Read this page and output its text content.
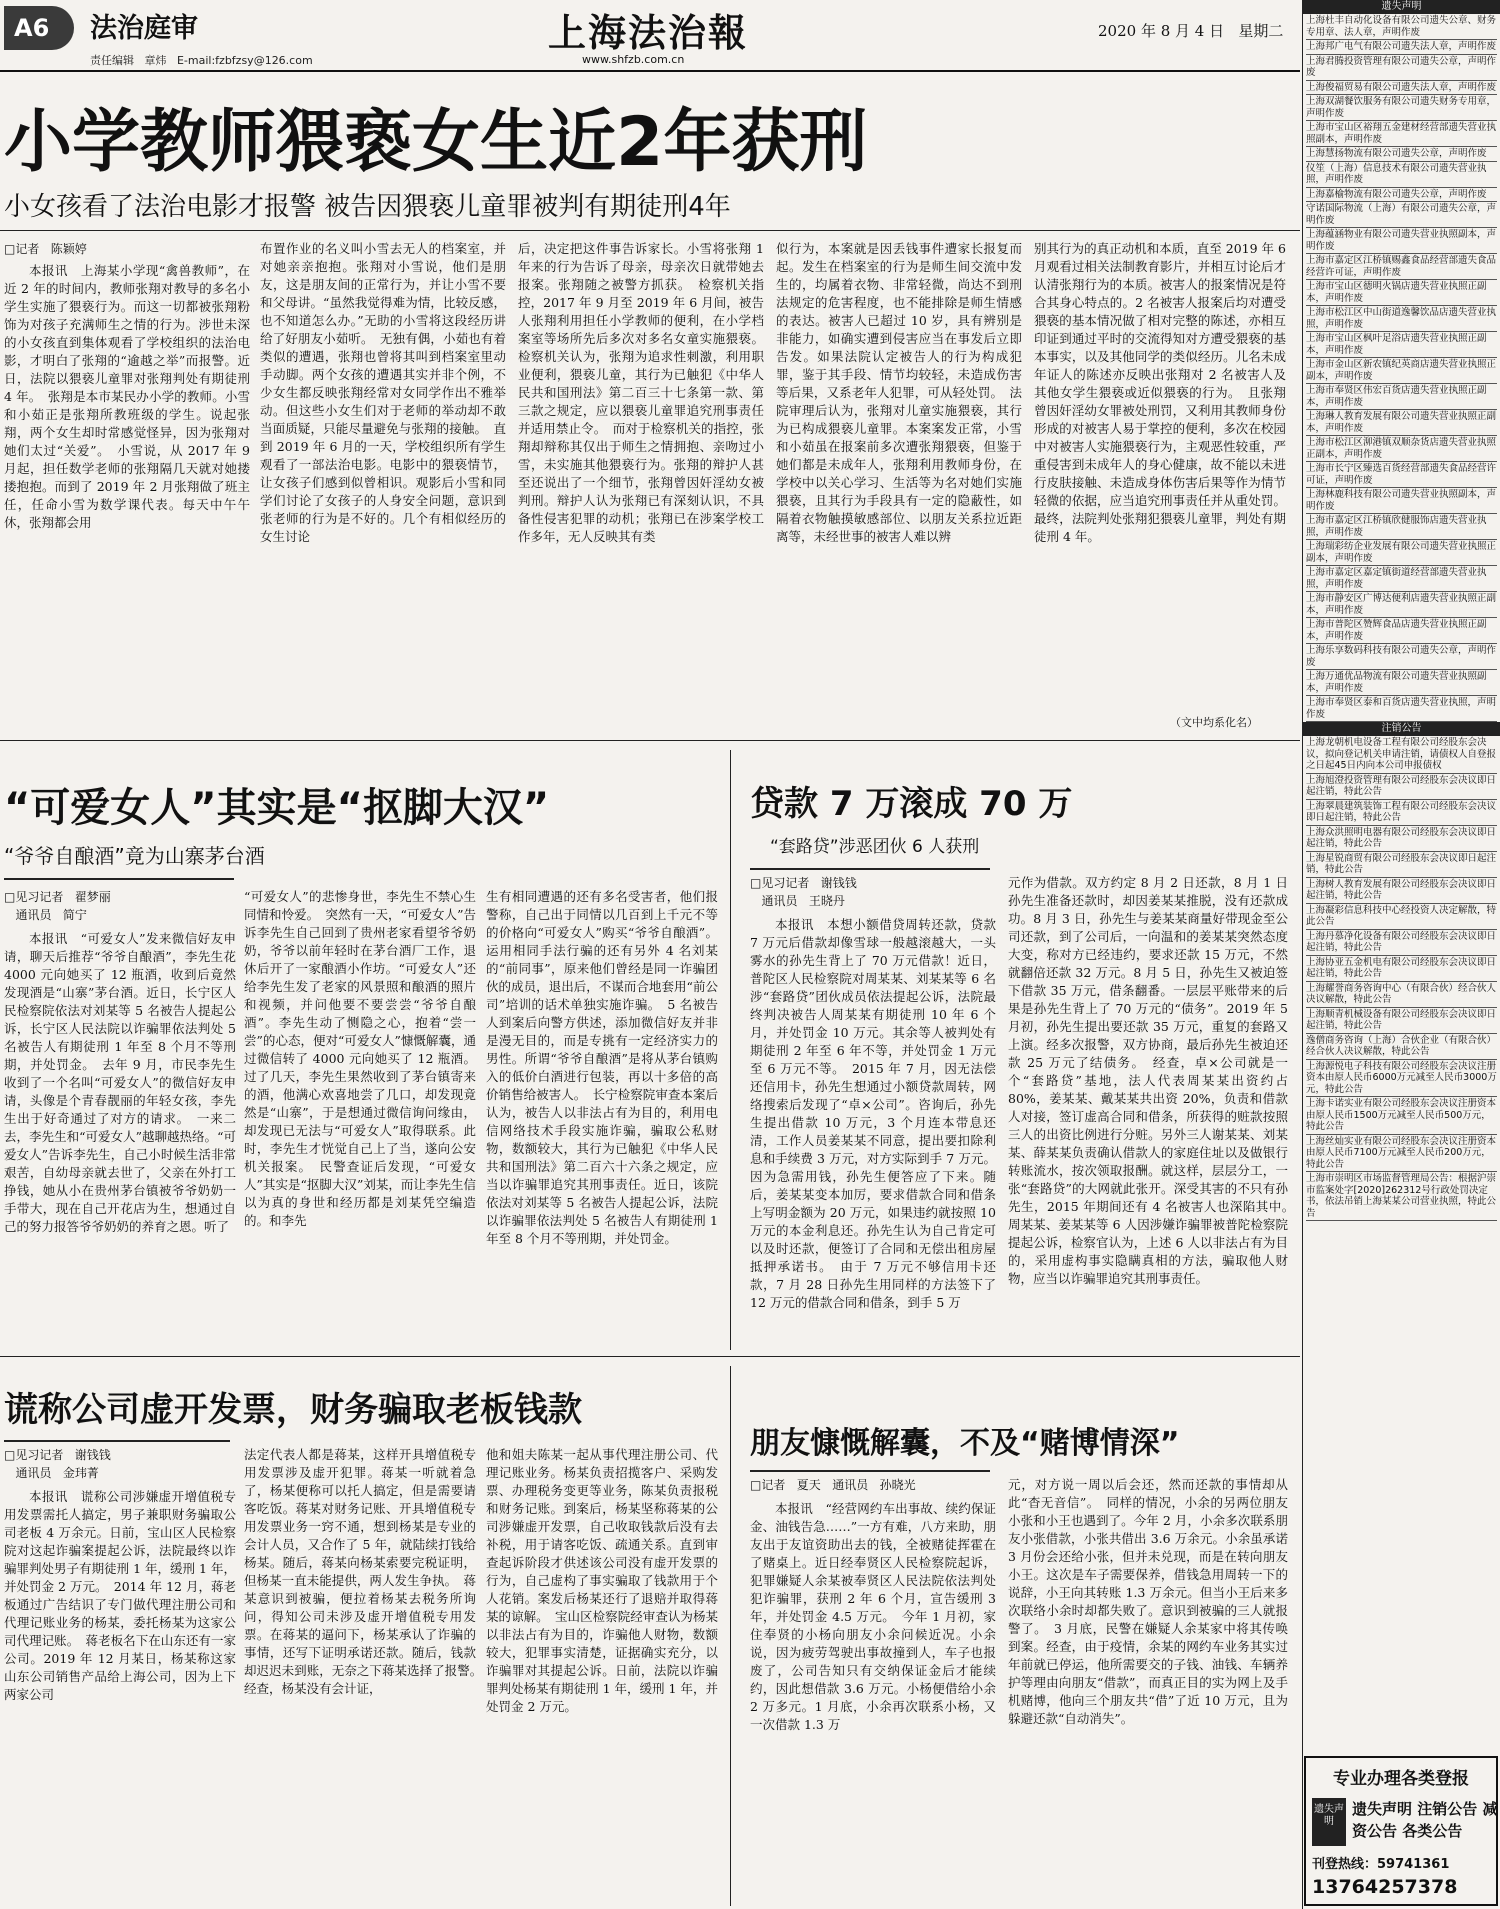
A6	法治庭审
责任编辑   章炜   E-mail:fzbfzsy@126.com
上海法治報
www.shfzb.com.cn
2020 年 8 月 4 日   星期二
小学教师猥亵女生近2年获刑
小女孩看了法治电影才报警 被告因猥亵儿童罪被判有期徒刑4年
□记者   陈颖婷

本报讯　上海某小学现“禽兽教师”，在近 2 年的时间内，教师张翔对教导的多名小学生实施了猥亵行为。而这一切都被张翔粉饰为对孩子充满师生之情的行为。涉世未深的小女孩直到集体观看了学校组织的法治电影，才明白了张翔的“逾越之举”而报警。近日，法院以猥亵儿童罪对张翔判处有期徒刑 4 年。　张翔是本市某民办小学的教师。小雪和小茹正是张翔所教班级的学生。说起张翔，两个女生却时常感觉怪异，因为张翔对她们太过“关爱”。　小雪说，从 2017 年 9 月起，担任数学老师的张翔隔几天就对她搂搂抱抱。而到了 2019 年 2 月张翔做了班主任，任命小雪为数学课代表。每天中午午休，张翔都会用

布置作业的名义叫小雪去无人的档案室，并对她亲亲抱抱。张翔对小雪说，他们是朋友，这是朋友间的正常行为，并让小雪不要和父母讲。“虽然我觉得难为情，比较反感，也不知道怎么办。”无助的小雪将这段经历讲给了好朋友小茹听。　无独有偶，小茹也有着类似的遭遇，张翔也曾将其叫到档案室里动手动脚。两个女孩的遭遇其实并非个例，不少女生都反映张翔经常对女同学作出不雅举动。但这些小女生们对于老师的举动却不敢当面质疑，只能尽量避免与张翔的接触。　直到 2019 年 6 月的一天，学校组织所有学生观看了一部法治电影。电影中的猥亵情节，让女孩子们感到似曾相识。观影后小雪和同学们讨论了女孩子的人身安全问题，意识到张老师的行为是不好的。几个有相似经历的女生讨论

后，决定把这件事告诉家长。小雪将张翔 1 年来的行为告诉了母亲，母亲次日就带她去报案。张翔随之被警方抓获。　检察机关指控，2017 年 9 月至 2019 年 6 月间，被告人张翔利用担任小学教师的便利，在小学档案室等场所先后多次对多名女童实施猥亵。检察机关认为，张翔为追求性刺激，利用职业便利，猥亵儿童，其行为已触犯《中华人民共和国刑法》第二百三十七条第一款、第三款之规定，应以猥亵儿童罪追究刑事责任并适用禁止令。　而对于检察机关的指控，张翔却辩称其仅出于师生之情拥抱、亲吻过小雪，未实施其他猥亵行为。张翔的辩护人甚至还说出了一个细节，张翔曾因奸淫幼女被判刑。辩护人认为张翔已有深刻认识，不具备性侵害犯罪的动机；张翔已在涉案学校工作多年，无人反映其有类

似行为，本案就是因丢钱事件遭家长报复而起。发生在档案室的行为是师生间交流中发生的，均属着衣物、非常轻微，尚达不到刑法规定的危害程度，也不能排除是师生情感的表达。被害人已超过 10 岁，具有辨别是非能力，如确实遭到侵害应当在事发后立即告发。如果法院认定被告人的行为构成犯罪，鉴于其手段、情节均较轻，未造成伤害等后果，又系老年人犯罪，可从轻处罚。　法院审理后认为，张翔对儿童实施猥亵，其行为已构成猥亵儿童罪。本案案发正常，小雪和小茹虽在报案前多次遭张翔猥亵，但鉴于她们都是未成年人，张翔利用教师身份，在学校中以关心学习、生活等为名对她们实施猥亵，且其行为手段具有一定的隐蔽性，如隔着衣物触摸敏感部位、以朋友关系拉近距离等，未经世事的被害人难以辨

别其行为的真正动机和本质，直至 2019 年 6 月观看过相关法制教育影片，并相互讨论后才认清张翔行为的本质。被害人的报案情况是符合其身心特点的。2 名被害人报案后均对遭受猥亵的基本情况做了相对完整的陈述，亦相互印证到通过平时的交流得知对方遭受猥亵的基本事实，以及其他同学的类似经历。儿名未成年证人的陈述亦反映出张翔对 2 名被害人及其他女学生猥亵或近似猥亵的行为。　且张翔曾因奸淫幼女罪被处刑罚，又利用其教师身份形成的对被害人易于掌控的便利，多次在校园中对被害人实施猥亵行为，主观恶性较重，严重侵害到未成年人的身心健康，故不能以未进行皮肤接触、未造成身体伤害后果等作为情节轻微的依据，应当追究刑事责任并从重处罚。最终，法院判处张翔犯猥亵儿童罪，判处有期徒刑 4 年。

（文中均系化名）
“可爱女人”其实是“抠脚大汉”
“爷爷自酿酒”竟为山寨茅台酒
□见习记者   翟梦丽
通讯员   简宁

本报讯　“可爱女人”发来微信好友申请，聊天后推荐“爷爷自酿酒”，李先生花 4000 元向她买了 12 瓶酒，收到后竟然发现酒是“山寨”茅台酒。近日，长宁区人民检察院依法对刘某等 5 名被告人提起公诉，长宁区人民法院以诈骗罪依法判处 5 名被告人有期徒刑 1 年至 8 个月不等刑期，并处罚金。　去年 9 月，市民李先生收到了一个名叫“可爱女人”的微信好友申请，头像是个青春靓丽的年轻女孩，李先生出于好奇通过了对方的请求。　一来二去，李先生和“可爱女人”越聊越热络。“可爱女人”告诉李先生，自己小时候生活非常艰苦，自幼母亲就去世了，父亲在外打工挣钱，她从小在贵州茅台镇被爷爷奶奶一手带大，现在自己开花店为生，想通过自己的努力报答爷爷奶奶的养育之恩。听了

“可爱女人”的悲惨身世，李先生不禁心生同情和怜爱。　突然有一天，“可爱女人”告诉李先生自己回到了贵州老家看望爷爷奶奶，爷爷以前年轻时在茅台酒厂工作，退休后开了一家酿酒小作坊。“可爱女人”还给李先生发了老家的风景照和酿酒的照片和视频，并问他要不要尝尝“爷爷自酿酒”。李先生动了恻隐之心，抱着“尝一尝”的心态，便对“可爱女人”慷慨解囊，通过微信转了 4000 元向她买了 12 瓶酒。过了几天，李先生果然收到了茅台镇寄来的酒，他满心欢喜地尝了几口，却发现竟然是“山寨”，于是想通过微信询问缘由，却发现已无法与“可爱女人”取得联系。此时，李先生才恍觉自己上了当，遂向公安机关报案。　民警查证后发现，“可爱女人”其实是“抠脚大汉”刘某，而让李先生信以为真的身世和经历都是刘某凭空编造的。和李先

生有相同遭遇的还有多名受害者，他们报警称，自己出于同情以几百到上千元不等的价格向“可爱女人”购买“爷爷自酿酒”。运用相同手法行骗的还有另外 4 名刘某的“前同事”，原来他们曾经是同一诈骗团伙的成员，退出后，不谋而合地套用“前公司”培训的话术单独实施诈骗。　5 名被告人到案后向警方供述，添加微信好友并非是漫无目的，而是专挑有一定经济实力的男性。所谓“爷爷自酿酒”是将从茅台镇购入的低价白酒进行包装，再以十多倍的高价销售给被害人。　长宁检察院审查本案后认为，被告人以非法占有为目的，利用电信网络技术手段实施诈骗，骗取公私财物，数额较大，其行为已触犯《中华人民共和国刑法》第二百六十六条之规定，应当以诈骗罪追究其刑事责任。近日，该院依法对刘某等 5 名被告人提起公诉，法院以诈骗罪依法判处 5 名被告人有期徒刑 1 年至 8 个月不等刑期，并处罚金。

贷款 7 万滚成 70 万
“套路贷”涉恶团伙 6 人获刑
□见习记者   谢钱钱
通讯员   王晓丹

本报讯　本想小额借贷周转还款，贷款 7 万元后借款却像雪球一般越滚越大，一头雾水的孙先生背上了 70 万元借款！近日，普陀区人民检察院对周某某、刘某某等 6 名涉“套路贷”团伙成员依法提起公诉，法院最终判决被告人周某某有期徒刑 10 年 6 个月，并处罚金 10 万元。其余等人被判处有期徒刑 2 年至 6 年不等，并处罚金 1 万元至 6 万元不等。　2015 年 7 月，因无法偿还信用卡，孙先生想通过小额贷款周转，网络搜索后发现了“卓×公司”。咨询后，孙先生提出借款 10 万元，3 个月连本带息还清，工作人员姜某某不同意，提出要扣除利息和手续费 3 万元，对方实际到手 7 万元。因为急需用钱，孙先生便答应了下来。随后，姜某某变本加厉，要求借款合同和借条上写明金额为 20 万元，如果违约就按照 10 万元的本金利息还。孙先生认为自己肯定可以及时还款，便签订了合同和无偿出租房屋抵押承诺书。　由于 7 万元不够信用卡还款，7 月 28 日孙先生用同样的方法签下了 12 万元的借款合同和借条，到手 5 万

元作为借款。双方约定 8 月 2 日还款，8 月 1 日孙先生准备还款时，却因姜某某推脱，没有还款成功。8 月 3 日，孙先生与姜某某商量好带现金至公司还款，到了公司后，一向温和的姜某某突然态度大变，称对方已经违约，要求还款 15 万元，不然就翻倍还款 32 万元。8 月 5 日，孙先生又被迫签下借款 35 万元，借条翻番。一层层平账带来的后果是孙先生背上了 70 万元的“债务”。2019 年 5 月初，孙先生提出要还款 35 万元，重复的套路又上演。经多次报警，双方协商，最后孙先生被迫还款 25 万元了结债务。　经查，卓×公司就是一个“套路贷”基地，法人代表周某某出资约占 80%，姜某某、戴某某共出资 20%，负责和借款人对接，签订虚高合同和借条，所获得的赃款按照三人的出资比例进行分赃。另外三人谢某某、刘某某、薛某某负责确认借款人的家庭住址以及做银行转账流水，按次领取报酬。就这样，层层分工，一张“套路贷”的大网就此张开。深受其害的不只有孙先生，2015 年期间还有 4 名被害人也深陷其中。　周某某、姜某某等 6 人因涉嫌诈骗罪被普陀检察院提起公诉，检察官认为，上述 6 人以非法占有为目的，采用虚构事实隐瞒真相的方法，骗取他人财物，应当以诈骗罪追究其刑事责任。

谎称公司虚开发票，财务骗取老板钱款
□见习记者   谢钱钱
通讯员   金玮菁

本报讯　谎称公司涉嫌虚开增值税专用发票需托人搞定，男子兼职财务骗取公司老板 4 万余元。日前，宝山区人民检察院对这起诈骗案提起公诉，法院最终以诈骗罪判处男子有期徒刑 1 年，缓刑 1 年，并处罚金 2 万元。　2014 年 12 月，蒋老板通过广告结识了专门做代理注册公司和代理记账业务的杨某，委托杨某为这家公司代理记账。　蒋老板名下在山东还有一家公司。2019 年 12 月某日，杨某称这家山东公司销售产品给上海公司，因为上下两家公司

法定代表人都是蒋某，这样开具增值税专用发票涉及虚开犯罪。蒋某一听就着急了，杨某便称可以托人搞定，但是需要请客吃饭。蒋某对财务记账、开具增值税专用发票业务一窍不通，想到杨某是专业的会计人员，又合作了 5 年，就陆续打钱给杨某。随后，蒋某向杨某索要完税证明，但杨某一直未能提供，两人发生争执。　蒋某意识到被骗，便拉着杨某去税务所询问，得知公司未涉及虚开增值税专用发票。在蒋某的逼问下，杨某承认了诈骗的事情，还写下证明承诺还款。随后，钱款却迟迟未到账，无奈之下蒋某选择了报警。　经查，杨某没有会计证，

他和姐夫陈某一起从事代理注册公司、代理记账业务。杨某负责招揽客户、采购发票、办理税务变更等业务，陈某负责报税和财务记账。到案后，杨某坚称蒋某的公司涉嫌虚开发票，自己收取钱款后没有去补税，用于请客吃饭、疏通关系。直到审查起诉阶段才供述该公司没有虚开发票的行为，自己虚构了事实骗取了钱款用于个人花销。案发后杨某还行了退赔并取得蒋某的谅解。　宝山区检察院经审查认为杨某以非法占有为目的，诈骗他人财物，数额较大，犯罪事实清楚，证据确实充分，以诈骗罪对其提起公诉。日前，法院以诈骗罪判处杨某有期徒刑 1 年，缓刑 1 年，并处罚金 2 万元。

朋友慷慨解囊，不及“赌博情深”
□记者   夏天   通讯员   孙晓光

本报讯　“经营网约车出事故、续约保证金、油钱告急……”一方有难，八方来助，朋友出于友谊资助出去的钱，全被赌徒挥霍在了赌桌上。近日经奉贤区人民检察院起诉，犯罪嫌疑人余某被奉贤区人民法院依法判处犯诈骗罪，获刑 2 年 6 个月，宣告缓刑 3 年，并处罚金 4.5 万元。　今年 1 月初，家住奉贤的小杨向朋友小余问候近况。小余说，因为疲劳驾驶出事故撞到人，车子也报废了，公司告知只有交纳保证金后才能续约，因此想借款 3.6 万元。小杨便借给小余 2 万多元。1 月底，小余再次联系小杨，又一次借款 1.3 万

元，对方说一周以后会还，然而还款的事情却从此“杳无音信”。　同样的情况，小余的另两位朋友小张和小王也遇到了。今年 2 月，小余多次联系朋友小张借款，小张共借出 3.6 万余元。小余虽承诺 3 月份会还给小张，但并未兑现，而是在转向朋友小王。这次是车子需要保养，借钱急用周转一下的说辞，小王向其转账 1.3 万余元。但当小王后来多次联络小余时却都失败了。意识到被骗的三人就报警了。　3 月底，民警在嫌疑人余某家中将其传唤到案。经查，由于疫情，余某的网约车业务其实过年前就已停运，他所需要交的子钱、油钱、车辆养护等理由向朋友“借款”，而真正目的实为网上及手机赌博，他向三个朋友共“借”了近 10 万元，且为躲避还款“自动消失”。

遗失声明
上海杜丰自动化设备有限公司遗失公章、财务专用章、法人章，声明作废
上海邦广电气有限公司遗失法人章，声明作废
上海君腾投资管理有限公司遗失公章，声明作废
上海俊福贸易有限公司遗失法人章，声明作废
上海双湖餐饮服务有限公司遗失财务专用章，声明作废
上海市宝山区裕翔五金建材经营部遗失营业执照副本，声明作废
上海慧扬物流有限公司遗失公章，声明作废
仪笙（上海）信息技术有限公司遗失营业执照，声明作废
上海嘉榆物流有限公司遗失公章，声明作废
守诺国际物流（上海）有限公司遗失公章，声明作废
上海蕴涵物业有限公司遗失营业执照副本，声明作废
上海市嘉定区江桥镇赐鑫食品经营部遗失食品经营许可证，声明作废
上海市宝山区德明火锅店遗失营业执照正副本，声明作废
上海市松江区中山街道逸馨饮品店遗失营业执照，声明作废
上海市宝山区枫叶足浴店遗失营业执照正副本，声明作废
上海市金山区新农镇纪英商店遗失营业执照正副本，声明作废
上海市奉贤区伟宏百货店遗失营业执照正副本，声明作废
上海琳人教育发展有限公司遗失营业执照正副本，声明作废
上海市松江区泖港镇双顺杂货店遗失营业执照正副本，声明作废
上海市长宁区臻选百货经营部遗失食品经营许可证，声明作废
上海林鹿科技有限公司遗失营业执照副本，声明作废
上海市嘉定区江桥镇欣健服饰店遗失营业执照，声明作废
上海瑞彩纺企业发展有限公司遗失营业执照正副本，声明作废
上海市嘉定区嘉定镇街道经营部遗失营业执照，声明作废
上海市静安区广博达便利店遗失营业执照正副本，声明作废
上海市普陀区赞辉食品店遗失营业执照正副本，声明作废
上海乐享数码科技有限公司遗失公章，声明作废
上海万通优品物流有限公司遗失营业执照副本，声明作废
上海市奉贤区泰和百货店遗失营业执照，声明作废
注销公告
上海龙朝机电设备工程有限公司经股东会决议，拟向登记机关申请注销，请债权人自登报之日起45日内向本公司申报债权
上海旭澄投资管理有限公司经股东会决议即日起注销，特此公告
上海翠晨建筑装饰工程有限公司经股东会决议即日起注销，特此公告
上海众洪照明电器有限公司经股东会决议即日起注销，特此公告
上海星锐商贸有限公司经股东会决议即日起注销，特此公告
上海树人教育发展有限公司经股东会决议即日起注销，特此公告
上海凝彩信息科技中心经投资人决定解散，特此公告
上海丹慕净化设备有限公司经股东会决议即日起注销，特此公告
上海协亚五金机电有限公司经股东会决议即日起注销，特此公告
上海耀誉商务咨询中心（有限合伙）经合伙人决议解散，特此公告
上海顺青机械设备有限公司经股东会决议即日起注销，特此公告
逸僧商务咨询（上海）合伙企业（有限合伙）经合伙人决议解散，特此公告
上海源悦电子科技有限公司经股东会决议注册资本由原人民币6000万元减至人民币3000万元，特此公告
上海卡诺实业有限公司经股东会决议注册资本由原人民币1500万元减至人民币500万元，特此公告
上海丝灿实业有限公司经股东会决议注册资本由原人民币7100万元减至人民币200万元，特此公告
上海市崇明区市场监督管理局公告：根据沪崇市监案处字[2020]262312号行政处罚决定书，依法吊销上海某某公司营业执照，特此公告
专业办理各类登报
遗失声明
遗失声明 注销公告 减资公告 各类公告
刊登热线：59741361
13764257378
